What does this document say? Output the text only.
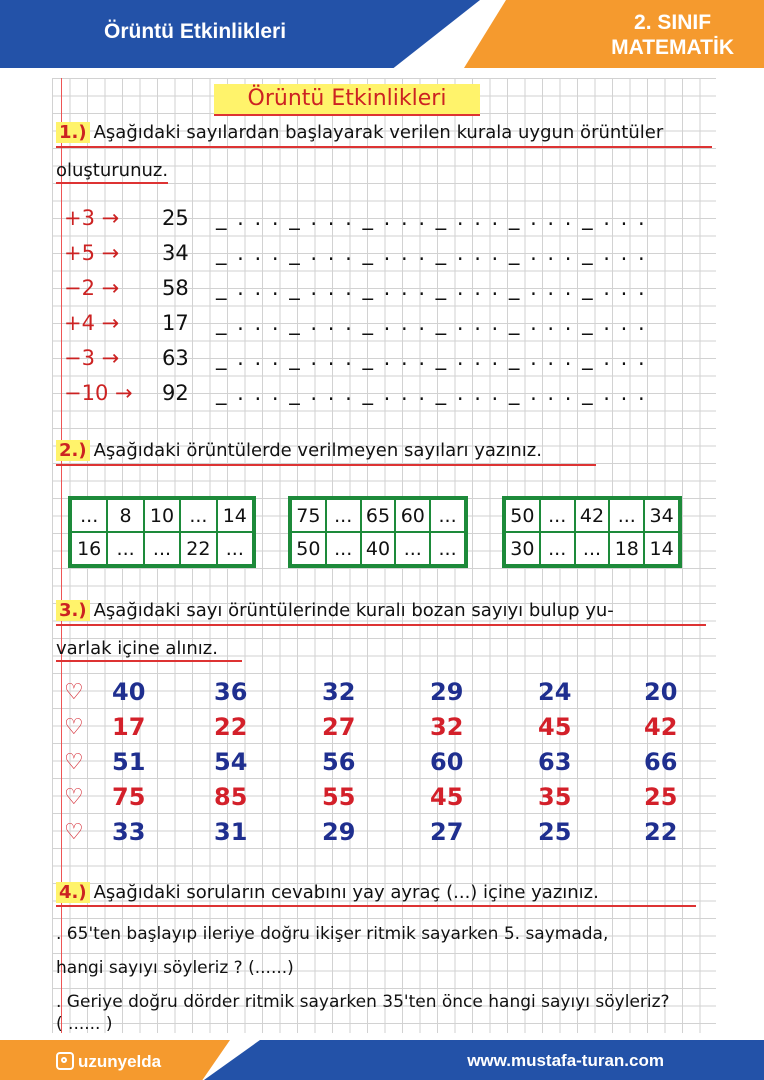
Örüntü Etkinlikleri	2. SINIF
MATEMATİK
Örüntü Etkinlikleri
1.) Aşağıdaki sayılardan başlayarak verilen kurala uygun örüntüler
oluşturunuz.
+3 →	25 _ . . . _ . . . _ . . . _ . . . _ . . . _ . . .
+5 →	34 _ . . . _ . . . _ . . . _ . . . _ . . . _ . . .
−2 →	58 _ . . . _ . . . _ . . . _ . . . _ . . . _ . . .
+4 →	17 _ . . . _ . . . _ . . . _ . . . _ . . . _ . . .
−3 →	63 _ . . . _ . . . _ . . . _ . . . _ . . . _ . . .
−10 →	92 _ . . . _ . . . _ . . . _ . . . _ . . . _ . . .
2.) Aşağıdaki örüntülerde verilmeyen sayıları yazınız.
...	8 10 ... 14
16 ... ... 22 ...
75 ... 65 60 ...
50 ... 40 ... ...
50 ... 42 ... 34
30 ... ... 18 14
3.) Aşağıdaki sayı örüntülerinde kuralı bozan sayıyı bulup yu-
varlak içine alınız.
♡ 40	36	32	29	24	20
♡ 17	22	27	32	45	42
♡ 51	54	56	60	63	66
♡ 75	85	55	45	35	25
♡ 33	31	29	27	25	22
4.) Aşağıdaki soruların cevabını yay ayraç (...) içine yazınız.
. 65'ten başlayıp ileriye doğru ikişer ritmik sayarken 5. saymada,
hangi sayıyı söyleriz ? (......)
. Geriye doğru dörder ritmik sayarken 35'ten önce hangi sayıyı söyleriz?
( ...... )
uzunyelda	www.mustafa-turan.com
